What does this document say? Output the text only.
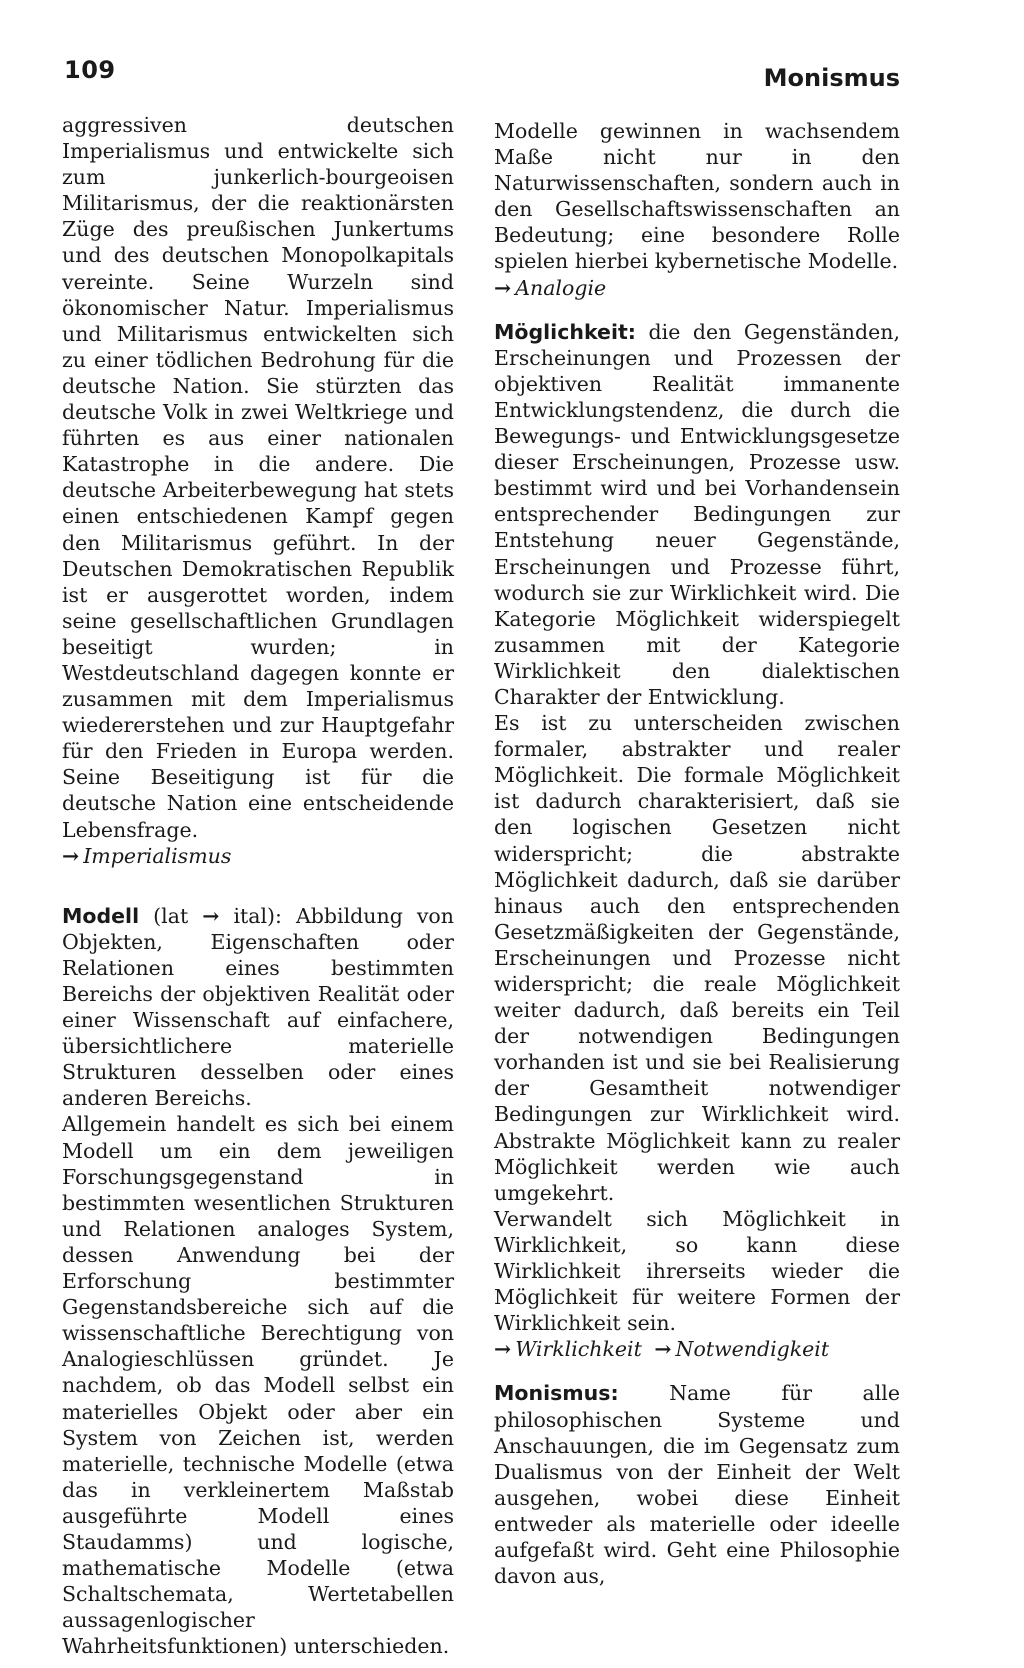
109	Monismus

aggressiven deutschen Imperialismus und entwickelte sich zum junkerlich-bourgeoisen Militarismus, der die reaktionärsten Züge des preußischen Junkertums und des deutschen Monopolkapitals vereinte. Seine Wurzeln sind ökonomischer Natur. Imperialismus und Militarismus entwickelten sich zu einer tödlichen Bedrohung für die deutsche Nation. Sie stürzten das deutsche Volk in zwei Weltkriege und führten es aus einer nationalen Katastrophe in die andere. Die deutsche Arbeiterbewegung hat stets einen entschiedenen Kampf gegen den Militarismus geführt. In der Deutschen Demokratischen Republik ist er ausgerottet worden, indem seine gesellschaftlichen Grundlagen beseitigt wurden; in Westdeutschland dagegen konnte er zusammen mit dem Imperialismus wiedererstehen und zur Hauptgefahr für den Frieden in Europa werden. Seine Beseitigung ist für die deutsche Nation eine entscheidende Lebensfrage.

→ Imperialismus

Modell (lat → ital): Abbildung von Objekten, Eigenschaften oder Relationen eines bestimmten Bereichs der objektiven Realität oder einer Wissenschaft auf einfachere, übersichtlichere materielle Strukturen desselben oder eines anderen Bereichs.

Allgemein handelt es sich bei einem Modell um ein dem jeweiligen Forschungsgegenstand in bestimmten wesentlichen Strukturen und Relationen analoges System, dessen Anwendung bei der Erforschung bestimmter Gegenstandsbereiche sich auf die wissenschaftliche Berechtigung von Analogieschlüssen gründet. Je nachdem, ob das Modell selbst ein materielles Objekt oder aber ein System von Zeichen ist, werden materielle, technische Modelle (etwa das in verkleinertem Maßstab ausgeführte Modell eines Staudamms) und logische, mathematische Modelle (etwa Schaltschemata, Wertetabellen aussagenlogischer Wahrheitsfunktionen) unterschieden.

Modelle gewinnen in wachsendem Maße nicht nur in den Naturwissenschaften, sondern auch in den Gesellschaftswissenschaften an Bedeutung; eine besondere Rolle spielen hierbei kybernetische Modelle.

→ Analogie

Möglichkeit: die den Gegenständen, Erscheinungen und Prozessen der objektiven Realität immanente Entwicklungstendenz, die durch die Bewegungs- und Entwicklungsgesetze dieser Erscheinungen, Prozesse usw. bestimmt wird und bei Vorhandensein entsprechender Bedingungen zur Entstehung neuer Gegenstände, Erscheinungen und Prozesse führt, wodurch sie zur Wirklichkeit wird. Die Kategorie Möglichkeit widerspiegelt zusammen mit der Kategorie Wirklichkeit den dialektischen Charakter der Entwicklung.

Es ist zu unterscheiden zwischen formaler, abstrakter und realer Möglichkeit. Die formale Möglichkeit ist dadurch charakterisiert, daß sie den logischen Gesetzen nicht widerspricht; die abstrakte Möglichkeit dadurch, daß sie darüber hinaus auch den entsprechenden Gesetzmäßigkeiten der Gegenstände, Erscheinungen und Prozesse nicht widerspricht; die reale Möglichkeit weiter dadurch, daß bereits ein Teil der notwendigen Bedingungen vorhanden ist und sie bei Realisierung der Gesamtheit notwendiger Bedingungen zur Wirklichkeit wird. Abstrakte Möglichkeit kann zu realer Möglichkeit werden wie auch umgekehrt.

Verwandelt sich Möglichkeit in Wirklichkeit, so kann diese Wirklichkeit ihrerseits wieder die Möglichkeit für weitere Formen der Wirklichkeit sein.

→ Wirklichkeit → Notwendigkeit

Monismus: Name für alle philosophischen Systeme und Anschauungen, die im Gegensatz zum Dualismus von der Einheit der Welt ausgehen, wobei diese Einheit entweder als materielle oder ideelle aufgefaßt wird. Geht eine Philosophie davon aus,
